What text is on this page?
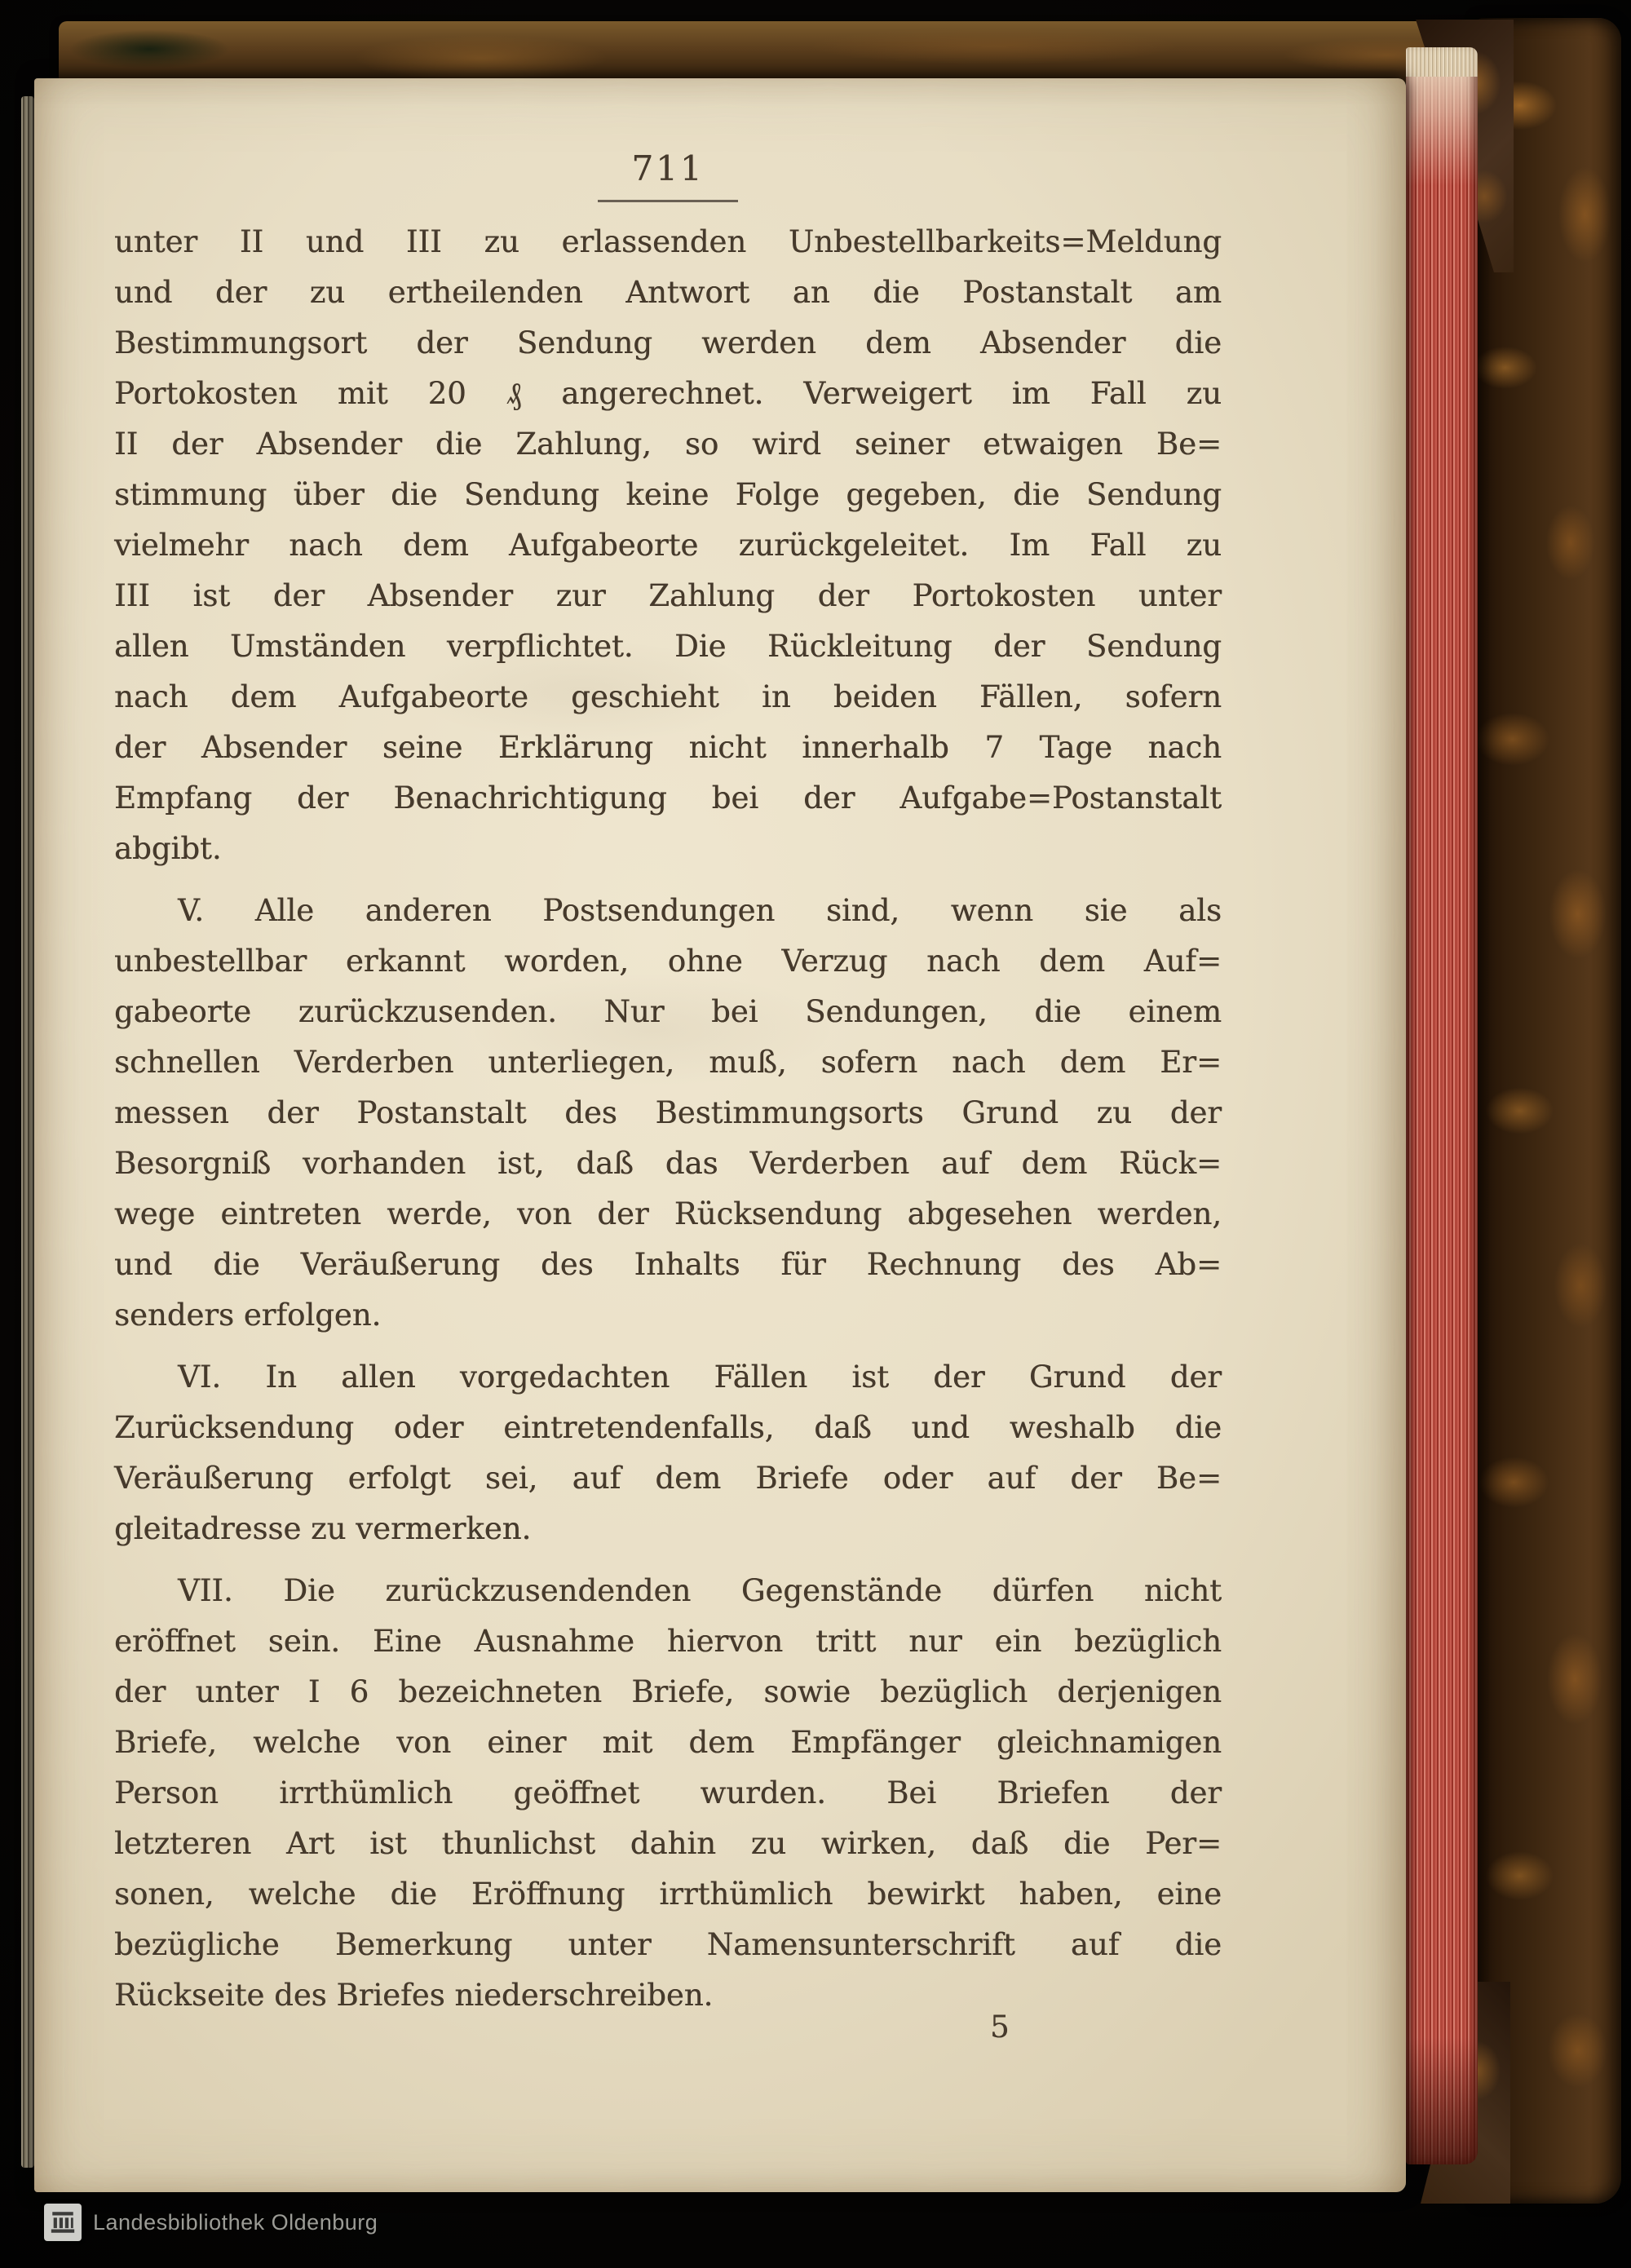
711
unter II und III zu erlassenden Unbestellbarkeits=Meldung
und der zu ertheilenden Antwort an die Postanstalt am
Bestimmungsort der Sendung werden dem Absender die
Portokosten mit 20 ₰ angerechnet. Verweigert im Fall zu
II der Absender die Zahlung, so wird seiner etwaigen Be=
stimmung über die Sendung keine Folge gegeben, die Sendung
vielmehr nach dem Aufgabeorte zurückgeleitet. Im Fall zu
III ist der Absender zur Zahlung der Portokosten unter
allen Umständen verpflichtet. Die Rückleitung der Sendung
nach dem Aufgabeorte geschieht in beiden Fällen, sofern
der Absender seine Erklärung nicht innerhalb 7 Tage nach
Empfang der Benachrichtigung bei der Aufgabe=Postanstalt
abgibt.
V. Alle anderen Postsendungen sind, wenn sie als
unbestellbar erkannt worden, ohne Verzug nach dem Auf=
gabeorte zurückzusenden. Nur bei Sendungen, die einem
schnellen Verderben unterliegen, muß, sofern nach dem Er=
messen der Postanstalt des Bestimmungsorts Grund zu der
Besorgniß vorhanden ist, daß das Verderben auf dem Rück=
wege eintreten werde, von der Rücksendung abgesehen werden,
und die Veräußerung des Inhalts für Rechnung des Ab=
senders erfolgen.
VI. In allen vorgedachten Fällen ist der Grund der
Zurücksendung oder eintretendenfalls, daß und weshalb die
Veräußerung erfolgt sei, auf dem Briefe oder auf der Be=
gleitadresse zu vermerken.
VII. Die zurückzusendenden Gegenstände dürfen nicht
eröffnet sein. Eine Ausnahme hiervon tritt nur ein bezüglich
der unter I 6 bezeichneten Briefe, sowie bezüglich derjenigen
Briefe, welche von einer mit dem Empfänger gleichnamigen
Person irrthümlich geöffnet wurden. Bei Briefen der
letzteren Art ist thunlichst dahin zu wirken, daß die Per=
sonen, welche die Eröffnung irrthümlich bewirkt haben, eine
bezügliche Bemerkung unter Namensunterschrift auf die
Rückseite des Briefes niederschreiben.
5
Landesbibliothek Oldenburg
